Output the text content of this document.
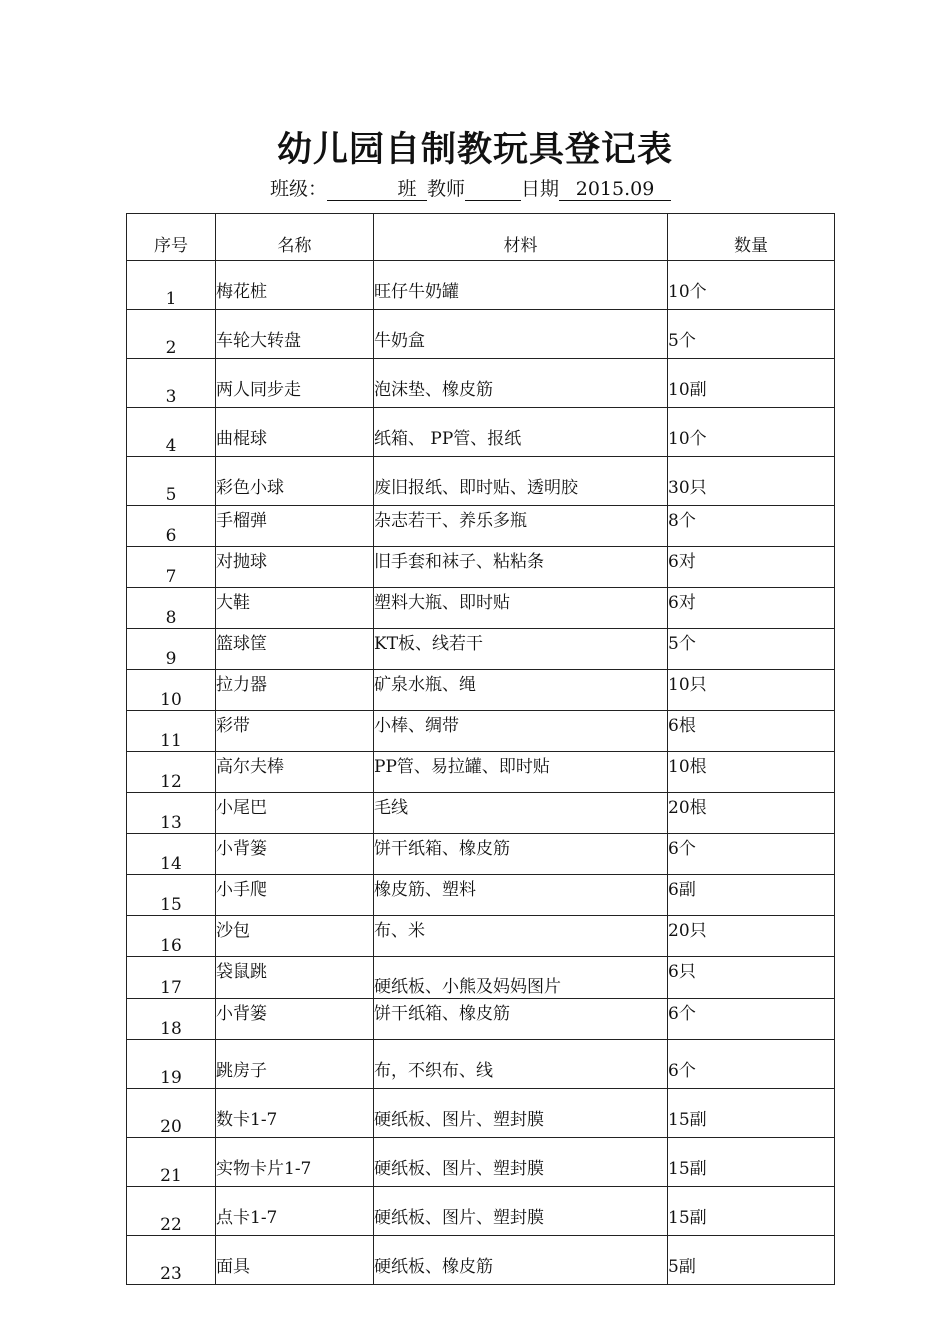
幼儿园自制教玩具登记表
班级：	班 教师	日期 2015.09
序号	名称	材料	数量
1	梅花桩	旺仔牛奶罐	10个
2	车轮大转盘	牛奶盒	5个
3	两人同步走	泡沫垫、橡皮筋	10副
4	曲棍球	纸箱、 PP管、报纸	10个
5	彩色小球	废旧报纸、即时贴、透明胶	30只
6	手榴弹	杂志若干、养乐多瓶	8个
7	对抛球	旧手套和袜子、粘粘条	6对
8	大鞋	塑料大瓶、即时贴	6对
9	篮球筐	KT板、线若干	5个
10	拉力器	矿泉水瓶、绳	10只
11	彩带	小棒、绸带	6根
12	高尔夫棒	PP管、易拉罐、即时贴	10根
13	小尾巴	毛线	20根
14	小背篓	饼干纸箱、橡皮筋	6个
15	小手爬	橡皮筋、塑料	6副
16	沙包	布、米	20只
17	袋鼠跳	硬纸板、小熊及妈妈图片	6只
18	小背篓	饼干纸箱、橡皮筋	6个
19	跳房子	布，不织布、线	6个
20	数卡1-7	硬纸板、图片、塑封膜	15副
21	实物卡片1-7	硬纸板、图片、塑封膜	15副
22	点卡1-7	硬纸板、图片、塑封膜	15副
23	面具	硬纸板、橡皮筋	5副
